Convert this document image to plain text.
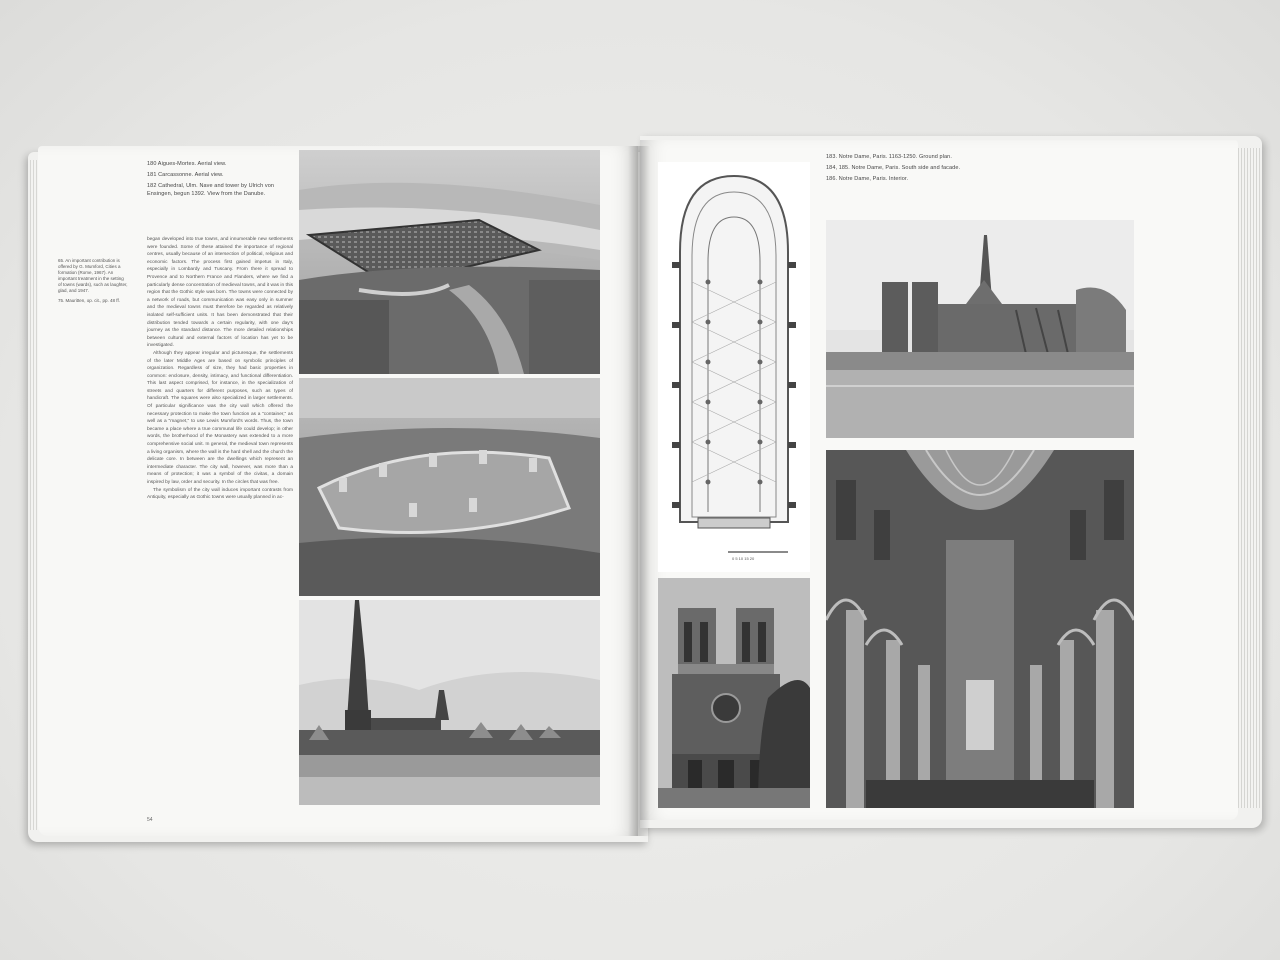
180 Aigues-Mortes. Aerial view.
181 Carcassonne. Aerial view.
182 Cathedral, Ulm. Nave and tower by Ulrich von Ensingen, begun 1392. View from the Danube.
65. An important contribution is offered by G. Mumford, Cities a formation (Rome, 1967). An important treatment in the setting of towns (wards), such as laughter, glad, and 1947.
75. Mauritten, op. cit., pp. 48 ff.

began developed into true towns, and innumerable new settlements were founded. Some of these attained the importance of regional centres, usually because of an intersection of political, religious and economic factors. The process first gained impetus in Italy, especially in Lombardy and Tuscany. From there it spread to Provence and to Northern France and Flanders, where we find a particularly dense concentration of medieval towns, and it was in this region that the Gothic style was born. The towns were connected by a network of roads, but communication was easy only in summer and the medieval towns must therefore be regarded as relatively isolated self-sufficient units. It has been demonstrated that their distribution tended towards a certain regularity, with one day's journey as the standard distance. The more detailed relationships between cultural and external factors of location has yet to be investigated.

Although they appear irregular and picturesque, the settlements of the later Middle Ages are based on symbolic principles of organization. Regardless of size, they had basic properties in common: enclosure, density, intimacy, and functional differentiation. This last aspect comprised, for instance, in the specialization of streets and quarters for different purposes, such as types of handicraft. The squares were also specialized in larger settlements. Of particular significance was the city wall which offered the necessary protection to make the town function as a "container," as well as a "magnet," to use Lewis Mumford's words. Thus, the town became a place where a true communal life could develop; in other words, the brotherhood of the Monastery was extended to a more comprehensive social unit. In general, the medieval town represents a living organism, where the wall is the hard shell and the church the delicate core. In between are the dwellings which represent an intermediate character. The city wall, however, was more than a means of protection; it was a symbol of the civitas, a domain inspired by law, order and security. In the circles that was free.

The symbolism of the city wall induces important contrasts from Antiquity, especially as Gothic towns were usually planned in ac-

54
183. Notre Dame, Paris. 1163-1250. Ground plan.
184, 185. Notre Dame, Paris. South side and facade.
186. Notre Dame, Paris. Interior.
0 5 10 15 20
